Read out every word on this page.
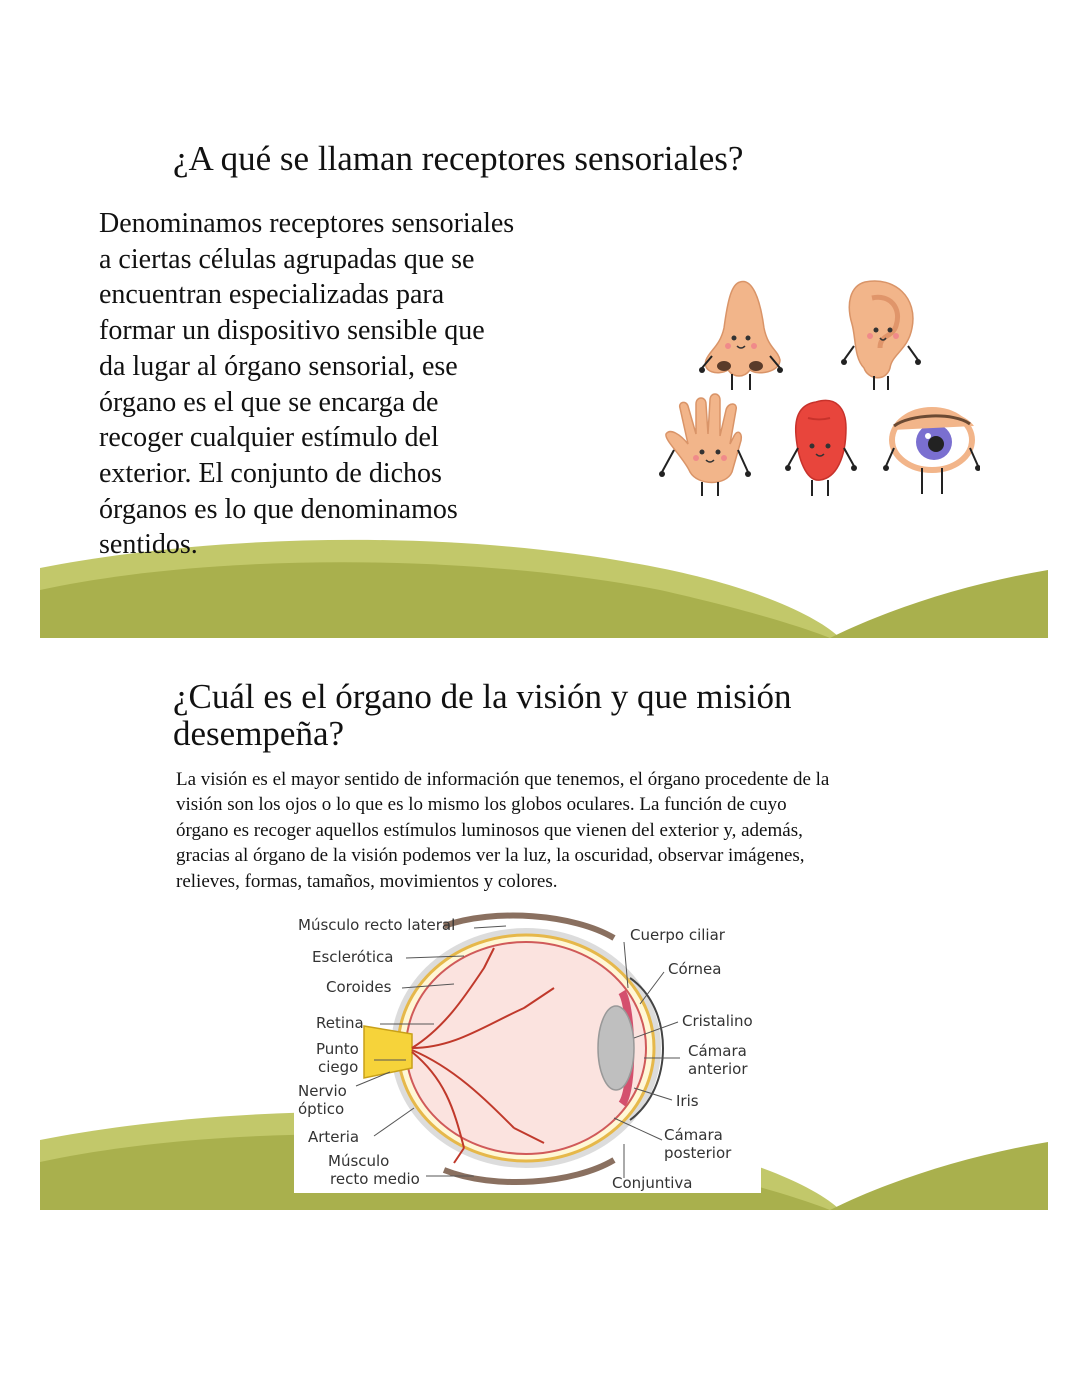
¿A qué se llaman receptores sensoriales?

Denominamos receptores sensoriales
a ciertas células agrupadas que se
encuentran especializadas para
formar un dispositivo sensible que
da lugar al órgano sensorial, ese
órgano es el que se encarga de
recoger cualquier estímulo del
exterior. El conjunto de dichos
órganos es lo que denominamos
sentidos.

¿Cuál es el órgano de la visión y que misión
desempeña?

La visión es el mayor sentido de información que tenemos, el órgano procedente de la
visión son los ojos o lo que es lo mismo los globos oculares. La función de cuyo
órgano es recoger aquellos estímulos luminosos que vienen del exterior y, además,
gracias al órgano de la visión podemos ver la luz, la oscuridad, observar imágenes,
relieves, formas, tamaños, movimientos y colores.

Músculo recto lateral
Esclerótica
Coroides
Retina
Punto
ciego
Nervio
óptico
Arteria
Músculo
recto medio
Cuerpo ciliar
Córnea
Cristalino
Cámara
anterior
Iris
Cámara
posterior
Conjuntiva
